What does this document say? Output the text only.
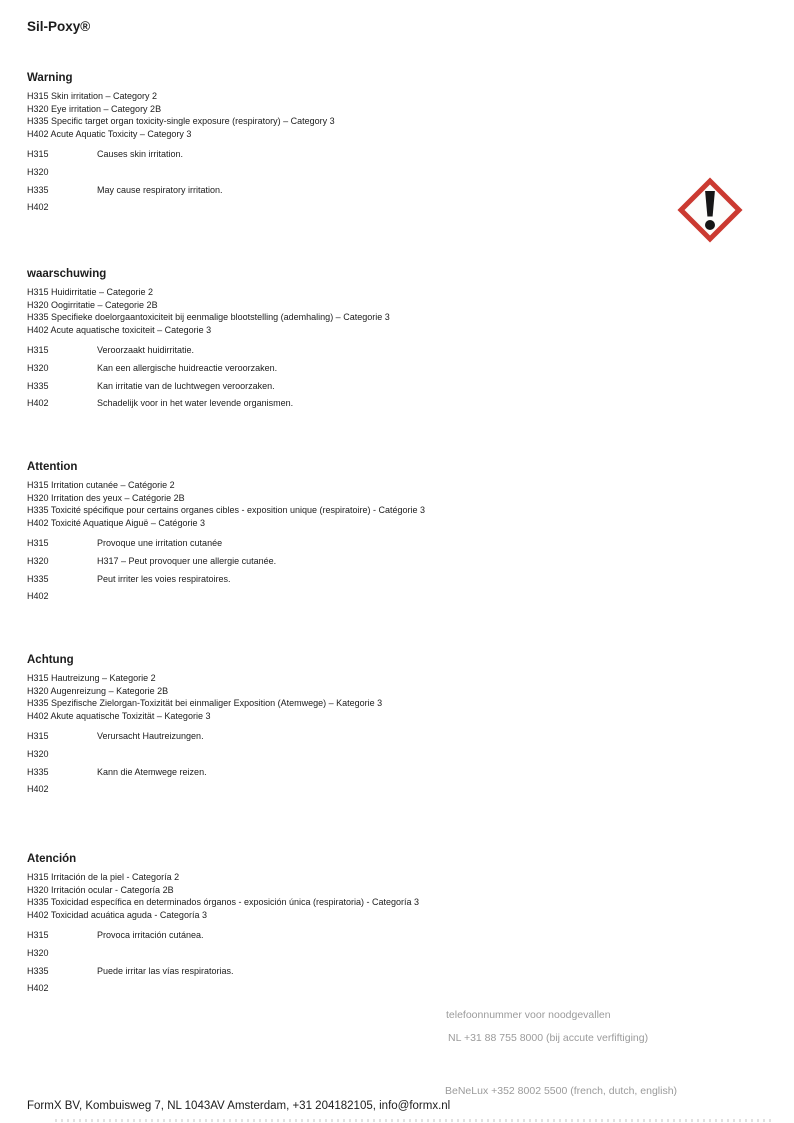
Sil-Poxy®
Warning
H315 Skin irritation – Category 2
H320 Eye irritation – Category 2B
H335 Specific target organ toxicity-single exposure (respiratory) – Category 3
H402 Acute Aquatic Toxicity – Category 3
H315	Causes skin irritation.
H320
H335	May cause respiratory irritation.
H402
waarschuwing
H315 Huidirritatie – Categorie 2
H320 Oogirritatie – Categorie 2B
H335 Specifieke doelorgaantoxiciteit bij eenmalige blootstelling (ademhaling) – Categorie 3
H402 Acute aquatische toxiciteit – Categorie 3
H315	Veroorzaakt huidirritatie.
H320	Kan een allergische huidreactie veroorzaken.
H335	Kan irritatie van de luchtwegen veroorzaken.
H402	Schadelijk voor in het water levende organismen.
Attention
H315 Irritation cutanée – Catégorie 2
H320 Irritation des yeux – Catégorie 2B
H335 Toxicité spécifique pour certains organes cibles - exposition unique (respiratoire) - Catégorie 3
H402 Toxicité Aquatique Aiguë – Catégorie 3
H315	Provoque une irritation cutanée
H320	H317 – Peut provoquer une allergie cutanée.
H335	Peut irriter les voies respiratoires.
H402
Achtung
H315 Hautreizung – Kategorie 2
H320 Augenreizung – Kategorie 2B
H335 Spezifische Zielorgan-Toxizität bei einmaliger Exposition (Atemwege) – Kategorie 3
H402 Akute aquatische Toxizität – Kategorie 3
H315	Verursacht Hautreizungen.
H320
H335	Kann die Atemwege reizen.
H402
Atención
H315 Irritación de la piel - Categoría 2
H320 Irritación ocular - Categoría 2B
H335 Toxicidad específica en determinados órganos - exposición única (respiratoria) - Categoría 3
H402 Toxicidad acuática aguda - Categoría 3
H315	Provoca irritación cutánea.
H320
H335	Puede irritar las vías respiratorias.
H402
telefoonnummer voor noodgevallen
NL +31 88 755 8000 (bij accute verfiftiging)
BeNeLux +352 8002 5500 (french, dutch, english)
FormX BV, Kombuisweg 7, NL 1043AV Amsterdam, +31 204182105, info@formx.nl
